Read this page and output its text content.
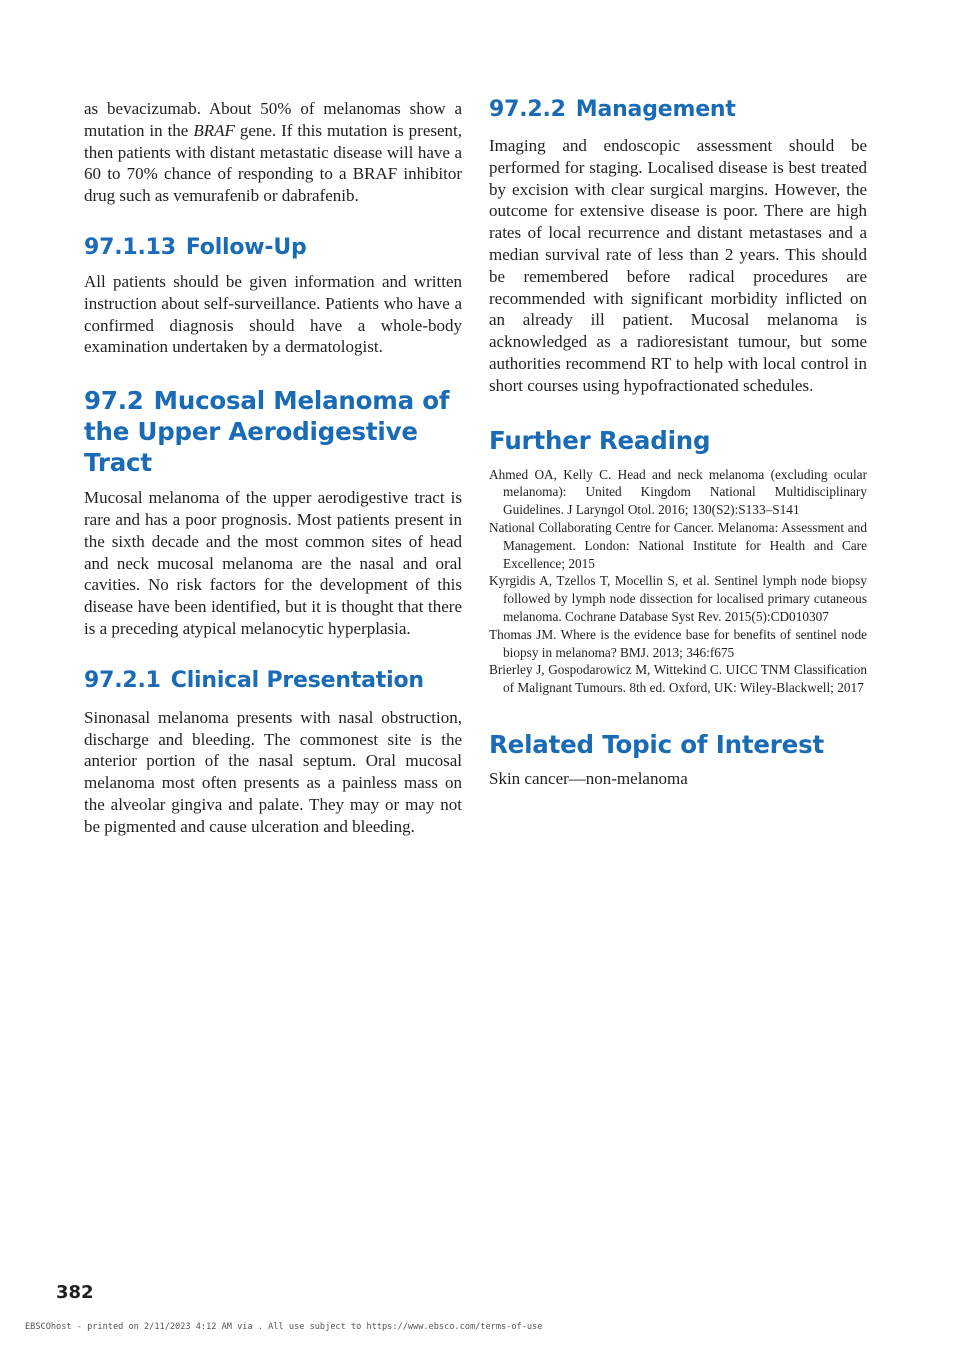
as bevacizumab. About 50% of melanomas show a mutation in the BRAF gene. If this mutation is present, then patients with distant metastatic disease will have a 60 to 70% chance of responding to a BRAF inhibitor drug such as vemurafenib or dabrafenib.

97.1.13 Follow-Up

All patients should be given information and written instruction about self-surveillance. Patients who have a confirmed diagnosis should have a whole-body examination undertaken by a dermatologist.

97.2 Mucosal Melanoma of the Upper Aerodigestive Tract

Mucosal melanoma of the upper aerodigestive tract is rare and has a poor prognosis. Most patients present in the sixth decade and the most common sites of head and neck mucosal melanoma are the nasal and oral cavities. No risk factors for the development of this disease have been identified, but it is thought that there is a preceding atypical melanocytic hyperplasia.

97.2.1 Clinical Presentation

Sinonasal melanoma presents with nasal obstruction, discharge and bleeding. The commonest site is the anterior portion of the nasal septum. Oral mucosal melanoma most often presents as a painless mass on the alveolar gingiva and palate. They may or may not be pigmented and cause ulceration and bleeding.

97.2.2 Management

Imaging and endoscopic assessment should be performed for staging. Localised disease is best treated by excision with clear surgical margins. However, the outcome for extensive disease is poor. There are high rates of local recurrence and distant metastases and a median survival rate of less than 2 years. This should be remembered before radical procedures are recommended with significant morbidity inflicted on an already ill patient. Mucosal melanoma is acknowledged as a radioresistant tumour, but some authorities recommend RT to help with local control in short courses using hypofractionated schedules.

Further Reading
Ahmed OA, Kelly C. Head and neck melanoma (excluding ocular melanoma): United Kingdom National Multidisciplinary Guidelines. J Laryngol Otol. 2016; 130(S2):S133–S141
National Collaborating Centre for Cancer. Melanoma: Assessment and Management. London: National Institute for Health and Care Excellence; 2015
Kyrgidis A, Tzellos T, Mocellin S, et al. Sentinel lymph node biopsy followed by lymph node dissection for localised primary cutaneous melanoma. Cochrane Database Syst Rev. 2015(5):CD010307
Thomas JM. Where is the evidence base for benefits of sentinel node biopsy in melanoma? BMJ. 2013; 346:f675
Brierley J, Gospodarowicz M, Wittekind C. UICC TNM Classification of Malignant Tumours. 8th ed. Oxford, UK: Wiley-Blackwell; 2017
Related Topic of Interest

Skin cancer—non-melanoma

382
EBSCOhost - printed on 2/11/2023 4:12 AM via . All use subject to https://www.ebsco.com/terms-of-use
